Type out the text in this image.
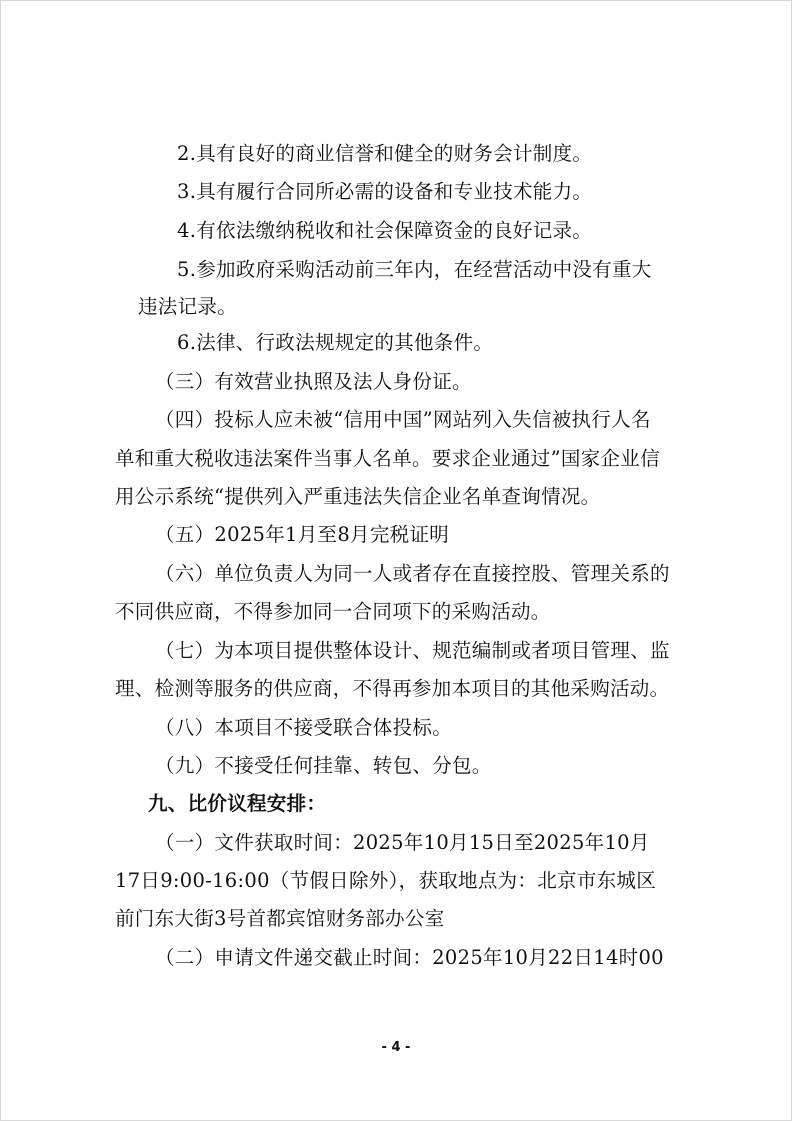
2.具有良好的商业信誉和健全的财务会计制度。
3.具有履行合同所必需的设备和专业技术能力。
4.有依法缴纳税收和社会保障资金的良好记录。
5.参加政府采购活动前三年内，在经营活动中没有重大
违法记录。
6.法律、行政法规规定的其他条件。
（三）有效营业执照及法人身份证。
（四）投标人应未被“信用中国”网站列入失信被执行人名
单和重大税收违法案件当事人名单。要求企业通过”国家企业信
用公示系统“提供列入严重违法失信企业名单查询情况。
（五）2025年1月至8月完税证明
（六）单位负责人为同一人或者存在直接控股、管理关系的
不同供应商，不得参加同一合同项下的采购活动。
（七）为本项目提供整体设计、规范编制或者项目管理、监
理、检测等服务的供应商，不得再参加本项目的其他采购活动。
（八）本项目不接受联合体投标。
（九）不接受任何挂靠、转包、分包。
九、比价议程安排：
（一）文件获取时间：2025年10月15日至2025年10月
17日9:00-16:00（节假日除外），获取地点为：北京市东城区
前门东大街3号首都宾馆财务部办公室
（二）申请文件递交截止时间：2025年10月22日14时00
- 4 -
